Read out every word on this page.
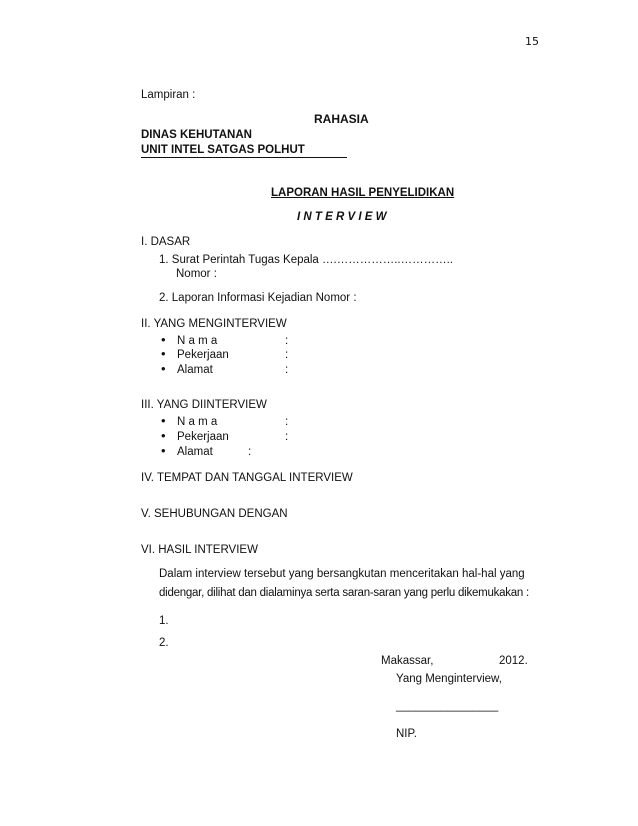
15
Lampiran :
RAHASIA
DINAS KEHUTANAN
UNIT INTEL SATGAS POLHUT
LAPORAN HASIL PENYELIDIKAN
I N T E R V I E W
I. DASAR
1. Surat Perintah Tugas Kepala ….……………..…………..
Nomor :
2. Laporan Informasi Kejadian Nomor :
II. YANG MENGINTERVIEW
• N a m a	:
• Pekerjaan	:
• Alamat	:
III. YANG DIINTERVIEW
• N a m a	:
• Pekerjaan	:
• Alamat	:
IV. TEMPAT DAN TANGGAL INTERVIEW
V. SEHUBUNGAN DENGAN
VI. HASIL INTERVIEW
Dalam interview tersebut yang bersangkutan menceritakan hal-hal yang
didengar, dilihat dan dialaminya serta saran-saran yang perlu dikemukakan :
1.
2.
Makassar,	2012.
Yang Menginterview,
________________
NIP.
